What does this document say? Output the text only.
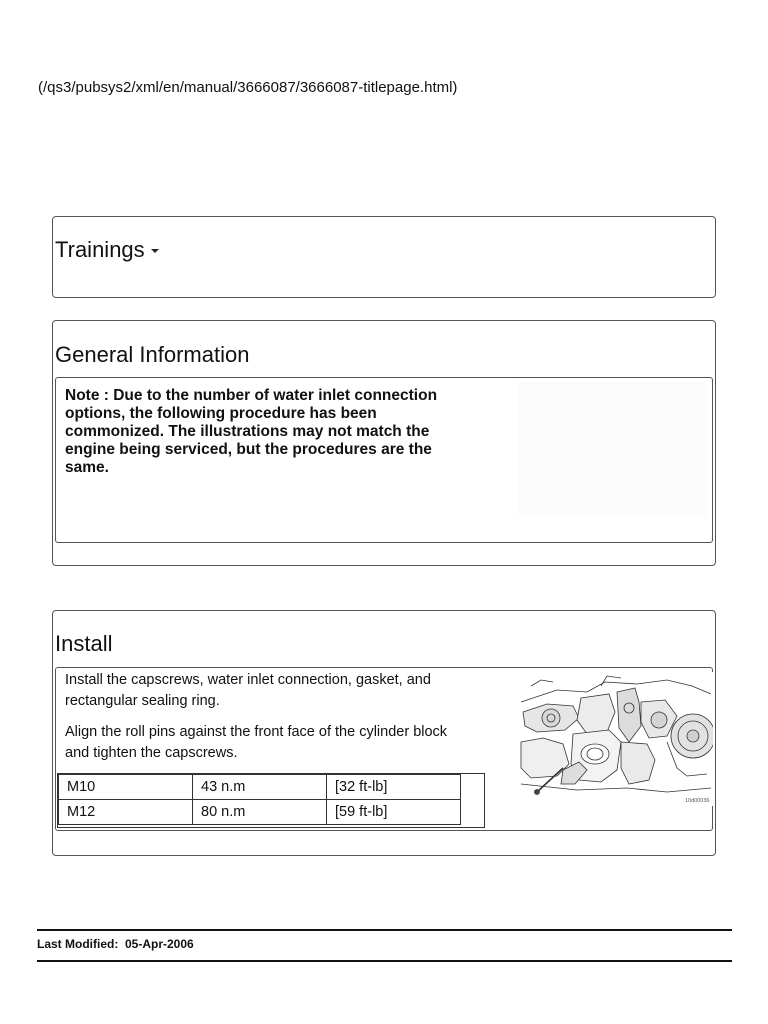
(/qs3/pubsys2/xml/en/manual/3666087/3666087-titlepage.html)
Trainings
General Information
Note : Due to the number of water inlet connection options, the following procedure has been commonized. The illustrations may not match the engine being serviced, but the procedures are the same.
Install
Install the capscrews, water inlet connection, gasket, and rectangular sealing ring.
Align the roll pins against the front face of the cylinder block and tighten the capscrews.
M10	43 n.m	[32 ft-lb]
M12	80 n.m	[59 ft-lb]
10d00036
Last Modified: 05-Apr-2006
